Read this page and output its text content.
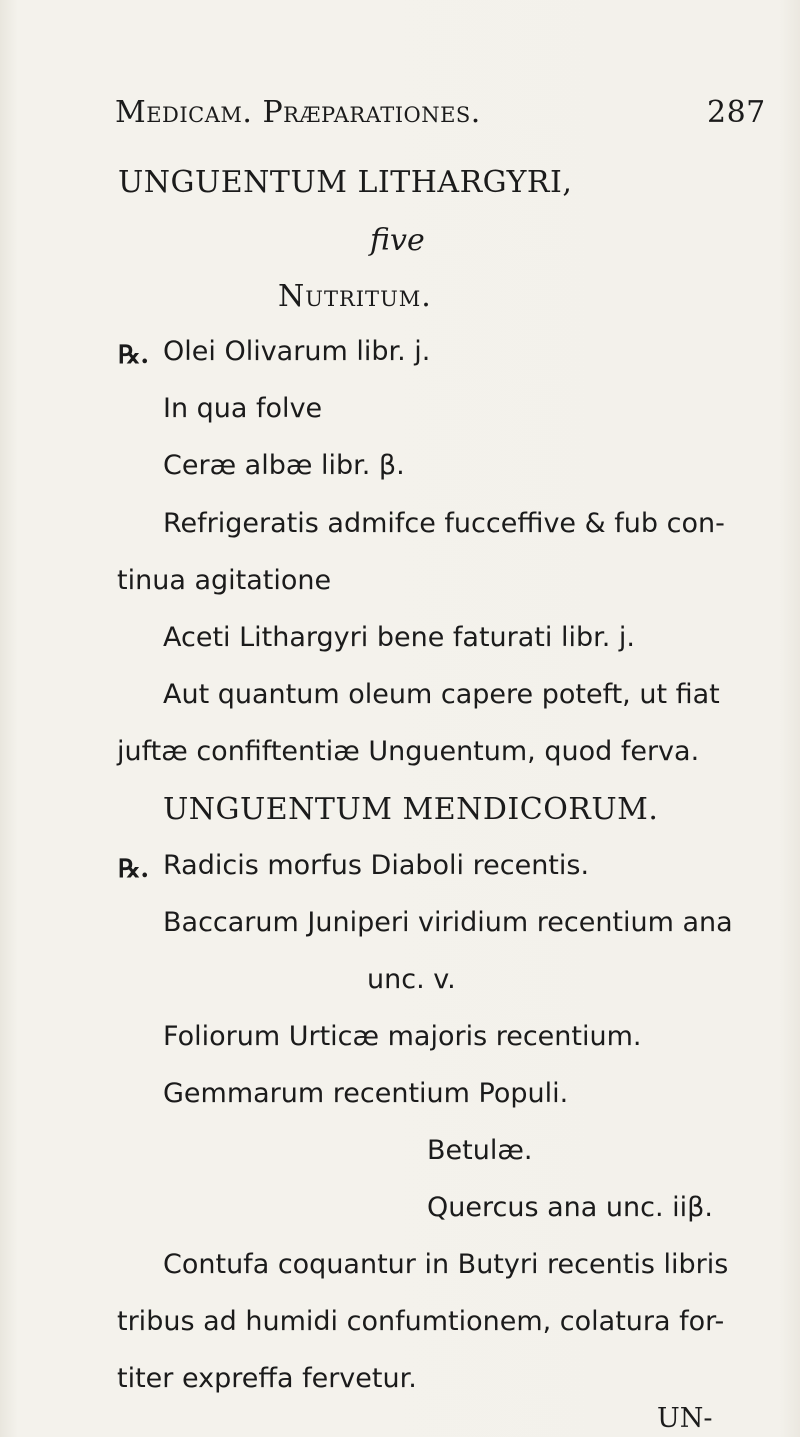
Medicam. Præparationes.	287
UNGUENTUM LITHARGYRI,
five
Nutritum.
℞. Olei Olivarum libr. j.
In qua folve
Ceræ albæ libr. β.
Refrigeratis admifce fucceffive & fub con-
tinua agitatione
Aceti Lithargyri bene faturati libr. j.
Aut quantum oleum capere poteft, ut fiat
juftæ confiftentiæ Unguentum, quod ferva.
UNGUENTUM MENDICORUM.
℞. Radicis morfus Diaboli recentis.
Baccarum Juniperi viridium recentium ana
unc. v.
Foliorum Urticæ majoris recentium.
Gemmarum recentium Populi.
Betulæ.
Quercus ana unc. iiβ.
Contufa coquantur in Butyri recentis libris
tribus ad humidi confumtionem, colatura for-
titer expreffa fervetur.
UN-
